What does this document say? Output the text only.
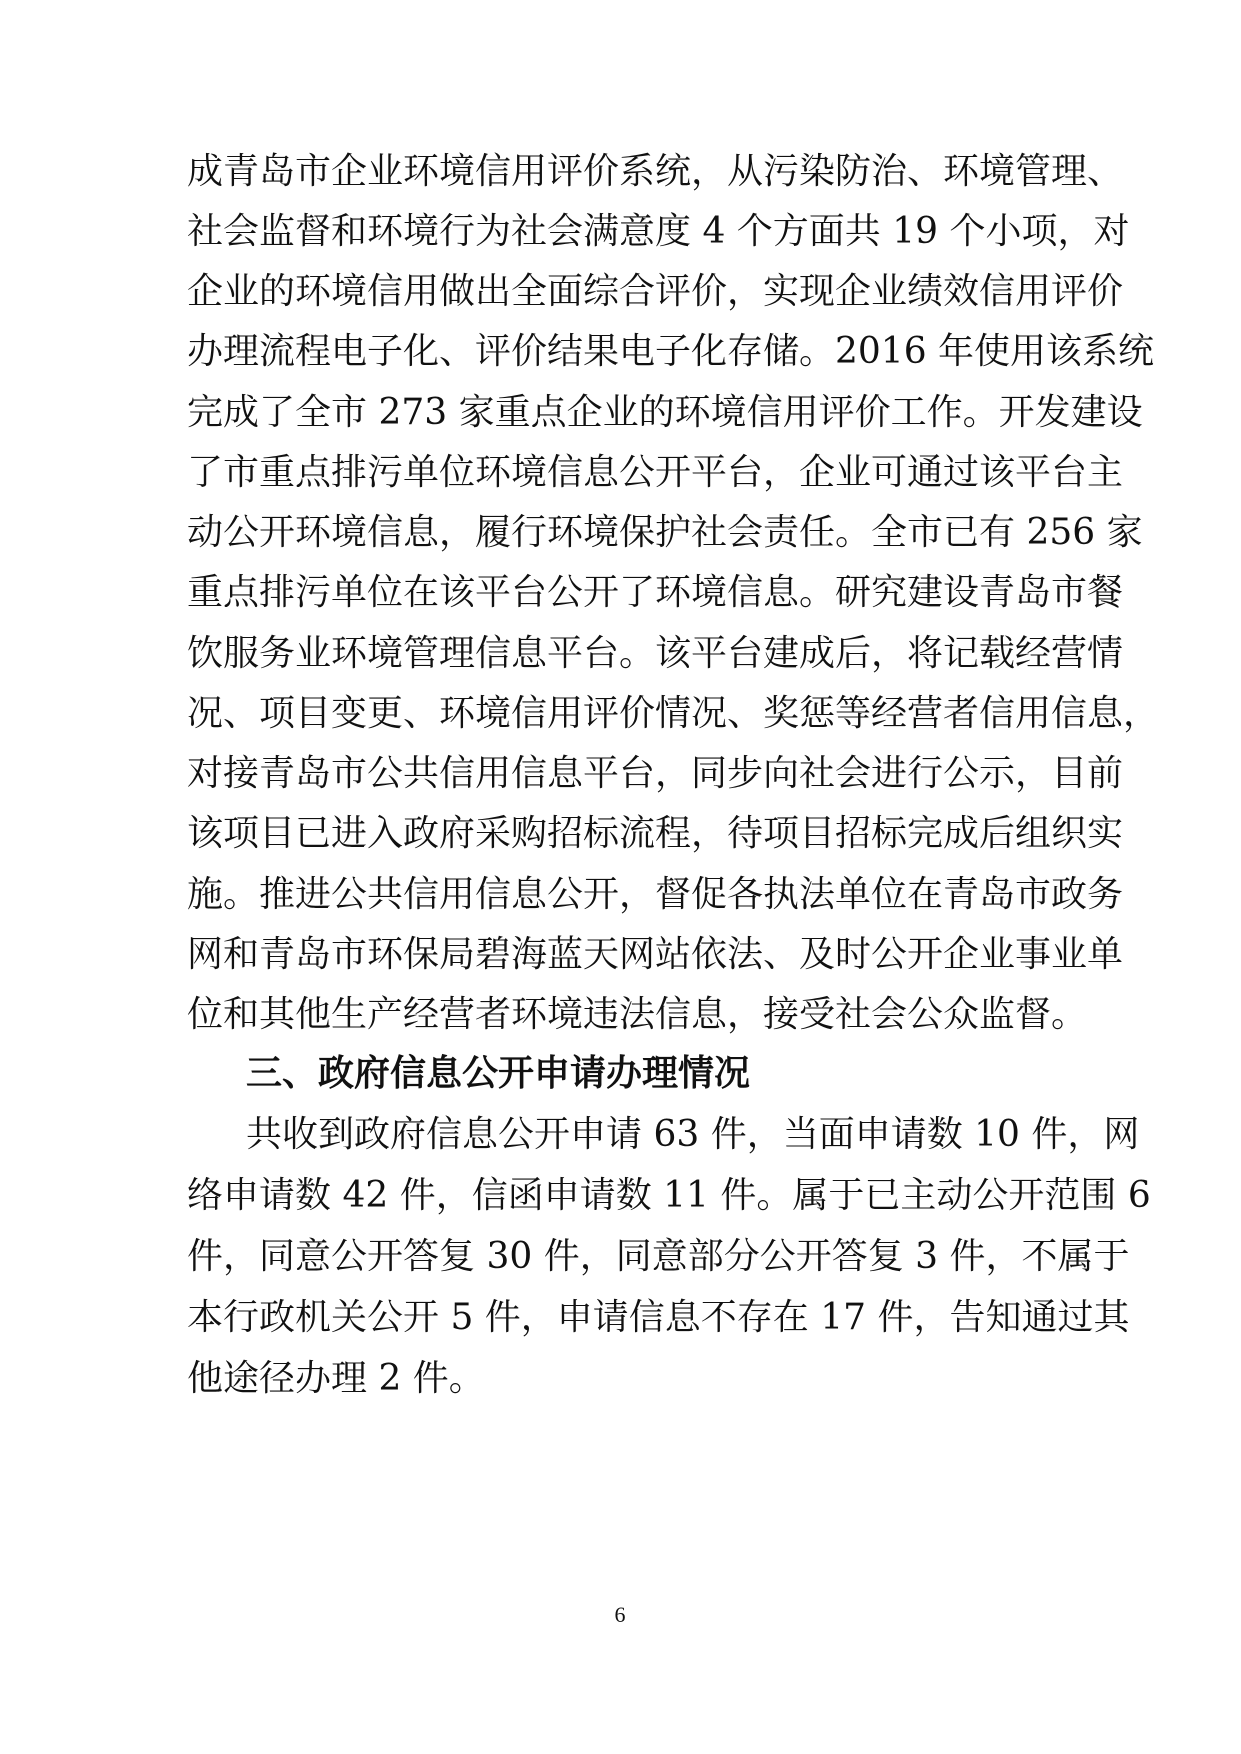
成青岛市企业环境信用评价系统，从污染防治、环境管理、
社会监督和环境行为社会满意度 4 个方面共 19 个小项，对
企业的环境信用做出全面综合评价，实现企业绩效信用评价
办理流程电子化、评价结果电子化存储。2016 年使用该系统
完成了全市 273 家重点企业的环境信用评价工作。开发建设
了市重点排污单位环境信息公开平台，企业可通过该平台主
动公开环境信息，履行环境保护社会责任。全市已有 256 家
重点排污单位在该平台公开了环境信息。研究建设青岛市餐
饮服务业环境管理信息平台。该平台建成后，将记载经营情
况、项目变更、环境信用评价情况、奖惩等经营者信用信息，
对接青岛市公共信用信息平台，同步向社会进行公示，目前
该项目已进入政府采购招标流程，待项目招标完成后组织实
施。推进公共信用信息公开，督促各执法单位在青岛市政务
网和青岛市环保局碧海蓝天网站依法、及时公开企业事业单
位和其他生产经营者环境违法信息，接受社会公众监督。
三、政府信息公开申请办理情况
共收到政府信息公开申请 63 件，当面申请数 10 件，网
络申请数 42 件，信函申请数 11 件。属于已主动公开范围 6
件，同意公开答复 30 件，同意部分公开答复 3 件，不属于
本行政机关公开 5 件，申请信息不存在 17 件，告知通过其
他途径办理 2 件。
6
